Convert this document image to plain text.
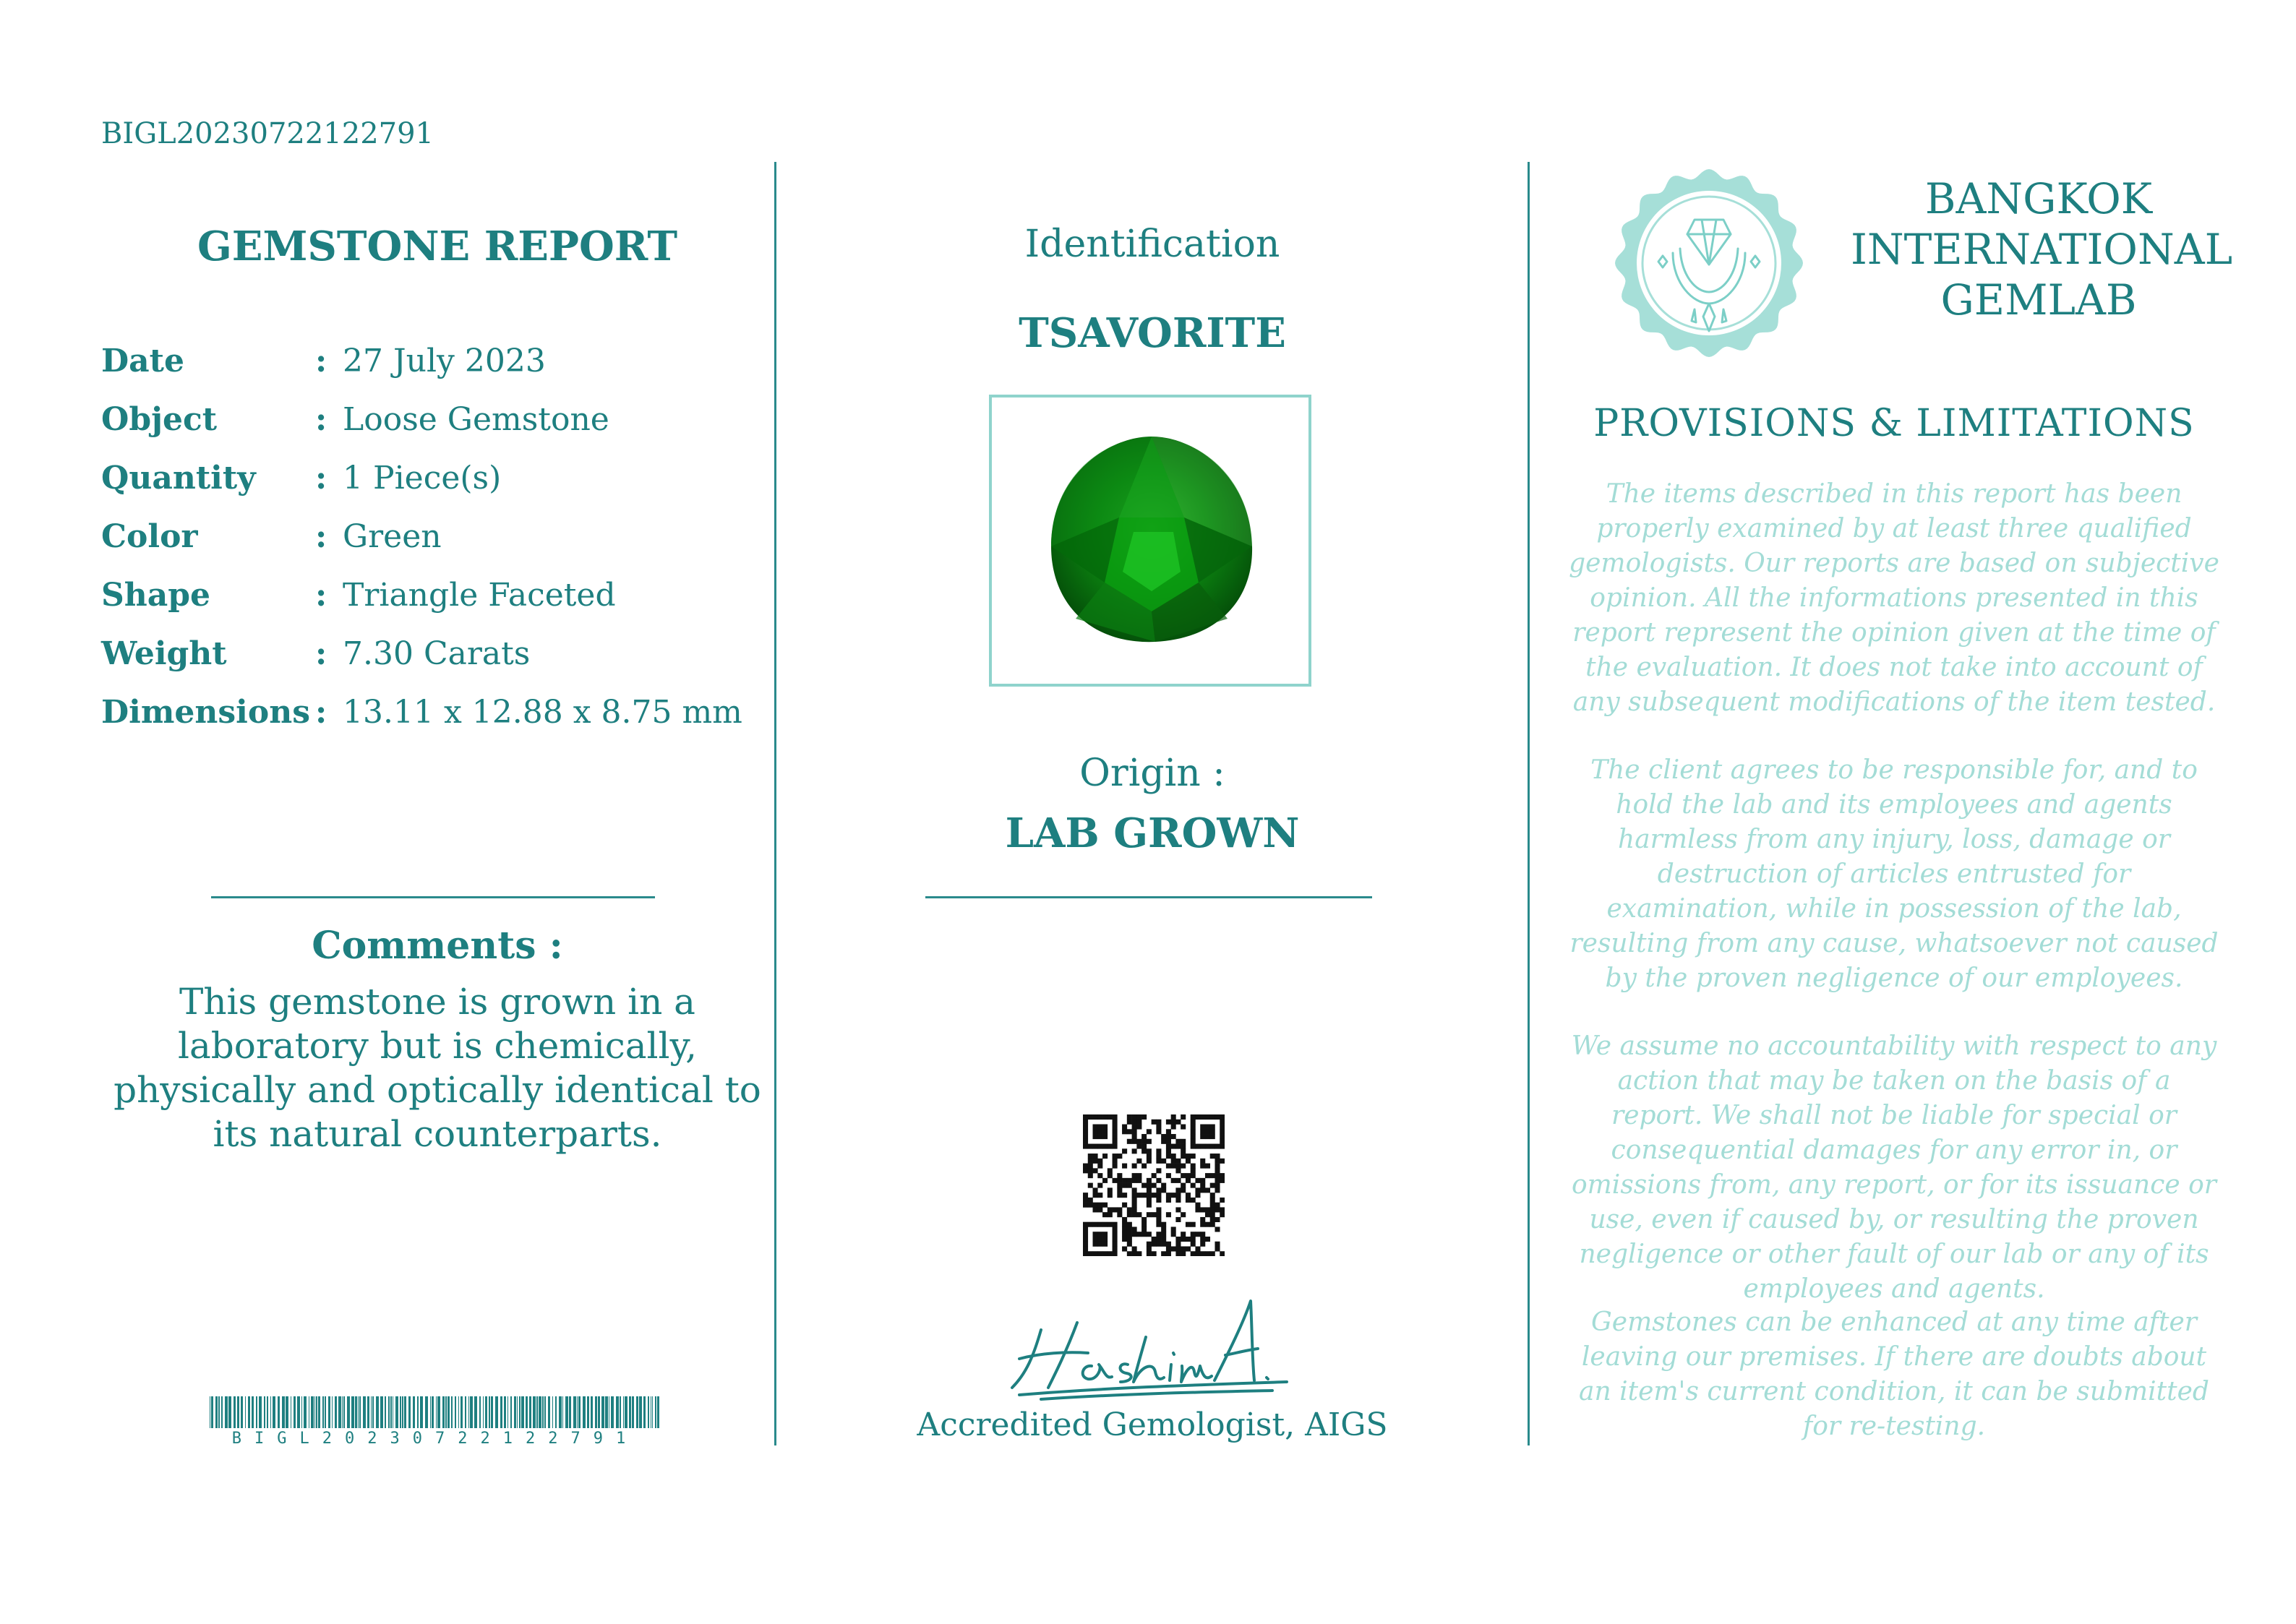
BIGL20230722122791
GEMSTONE REPORT
Date	: 27 July 2023
Object	: Loose Gemstone
Quantity : 1 Piece(s)
Color	: Green
Shape	: Triangle Faceted
Weight	: 7.30 Carats
Dimensions : 13.11 x 12.88 x 8.75 mm
Comments :
This gemstone is grown in a laboratory but is chemically, physically and optically identical to its natural counterparts.
BIGL20230722122791
Identification
TSAVORITE
Origin :
LAB GROWN
Accredited Gemologist, AIGS
BANGKOK INTERNATIONAL GEMLAB
PROVISIONS & LIMITATIONS
The items described in this report has been properly examined by at least three qualified gemologists. Our reports are based on subjective opinion. All the informations presented in this report represent the opinion given at the time of the evaluation. It does not take into account of any subsequent modifications of the item tested.
The client agrees to be responsible for, and to hold the lab and its employees and agents harmless from any injury, loss, damage or destruction of articles entrusted for examination, while in possession of the lab, resulting from any cause, whatsoever not caused by the proven negligence of our employees.
We assume no accountability with respect to any action that may be taken on the basis of a report. We shall not be liable for special or consequential damages for any error in, or omissions from, any report, or for its issuance or use, even if caused by, or resulting the proven negligence or other fault of our lab or any of its employees and agents.
Gemstones can be enhanced at any time after leaving our premises. If there are doubts about an item's current condition, it can be submitted for re-testing.
